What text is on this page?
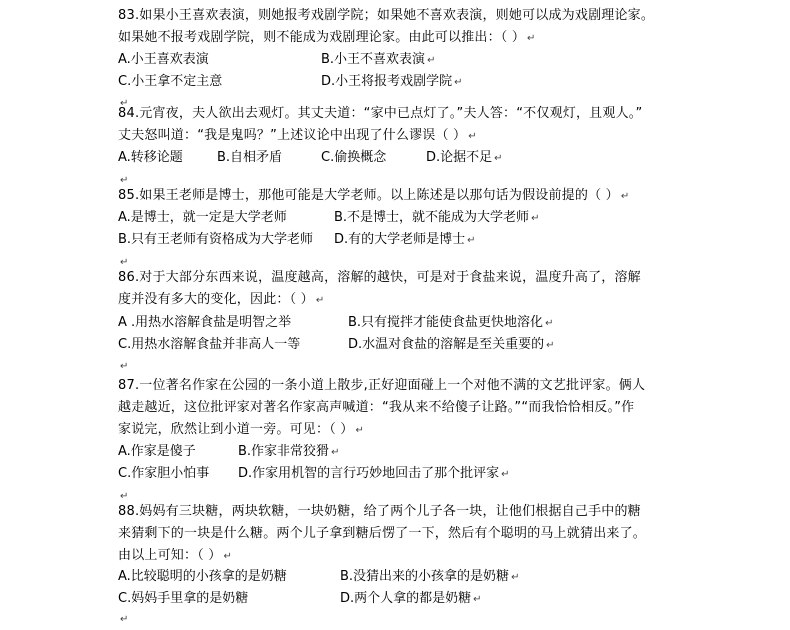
83.如果小王喜欢表演，则她报考戏剧学院；如果她不喜欢表演，则她可以成为戏剧理论家。
如果她不报考戏剧学院，则不能成为戏剧理论家。由此可以推出：（ ） ↵
A.小王喜欢表演	B.小王不喜欢表演 ↵
C.小王拿不定主意	D.小王将报考戏剧学院 ↵
↵
84.元宵夜，夫人欲出去观灯。其丈夫道：“家中已点灯了。”夫人答：“不仅观灯，且观人。”
丈夫怒叫道：“我是鬼吗？”上述议论中出现了什么谬误（ ） ↵
A.转移论题	B.自相矛盾	C.偷换概念	D.论据不足 ↵
↵
85.如果王老师是博士，那他可能是大学老师。以上陈述是以那句话为假设前提的（ ） ↵
A.是博士，就一定是大学老师	B.不是博士，就不能成为大学老师 ↵
B.只有王老师有资格成为大学老师 D.有的大学老师是博士 ↵
↵
86.对于大部分东西来说，温度越高，溶解的越快，可是对于食盐来说，温度升高了，溶解
度并没有多大的变化，因此：（ ） ↵
A .用热水溶解食盐是明智之举	B.只有搅拌才能使食盐更快地溶化 ↵
C.用热水溶解食盐并非高人一等	D.水温对食盐的溶解是至关重要的 ↵
↵
87.一位著名作家在公园的一条小道上散步,正好迎面碰上一个对他不满的文艺批评家。俩人
越走越近，这位批评家对著名作家高声喊道：“我从来不给傻子让路。”“而我恰恰相反。”作
家说完，欣然让到小道一旁。可见：（ ） ↵
A.作家是傻子	B.作家非常狡猾 ↵
C.作家胆小怕事 D.作家用机智的言行巧妙地回击了那个批评家 ↵
↵
88.妈妈有三块糖，两块软糖，一块奶糖，给了两个儿子各一块，让他们根据自己手中的糖
来猜剩下的一块是什么糖。两个儿子拿到糖后愣了一下，然后有个聪明的马上就猜出来了。
由以上可知：（ ） ↵
A.比较聪明的小孩拿的是奶糖	B.没猜出来的小孩拿的是奶糖 ↵
C.妈妈手里拿的是奶糖	D.两个人拿的都是奶糖 ↵
↵
